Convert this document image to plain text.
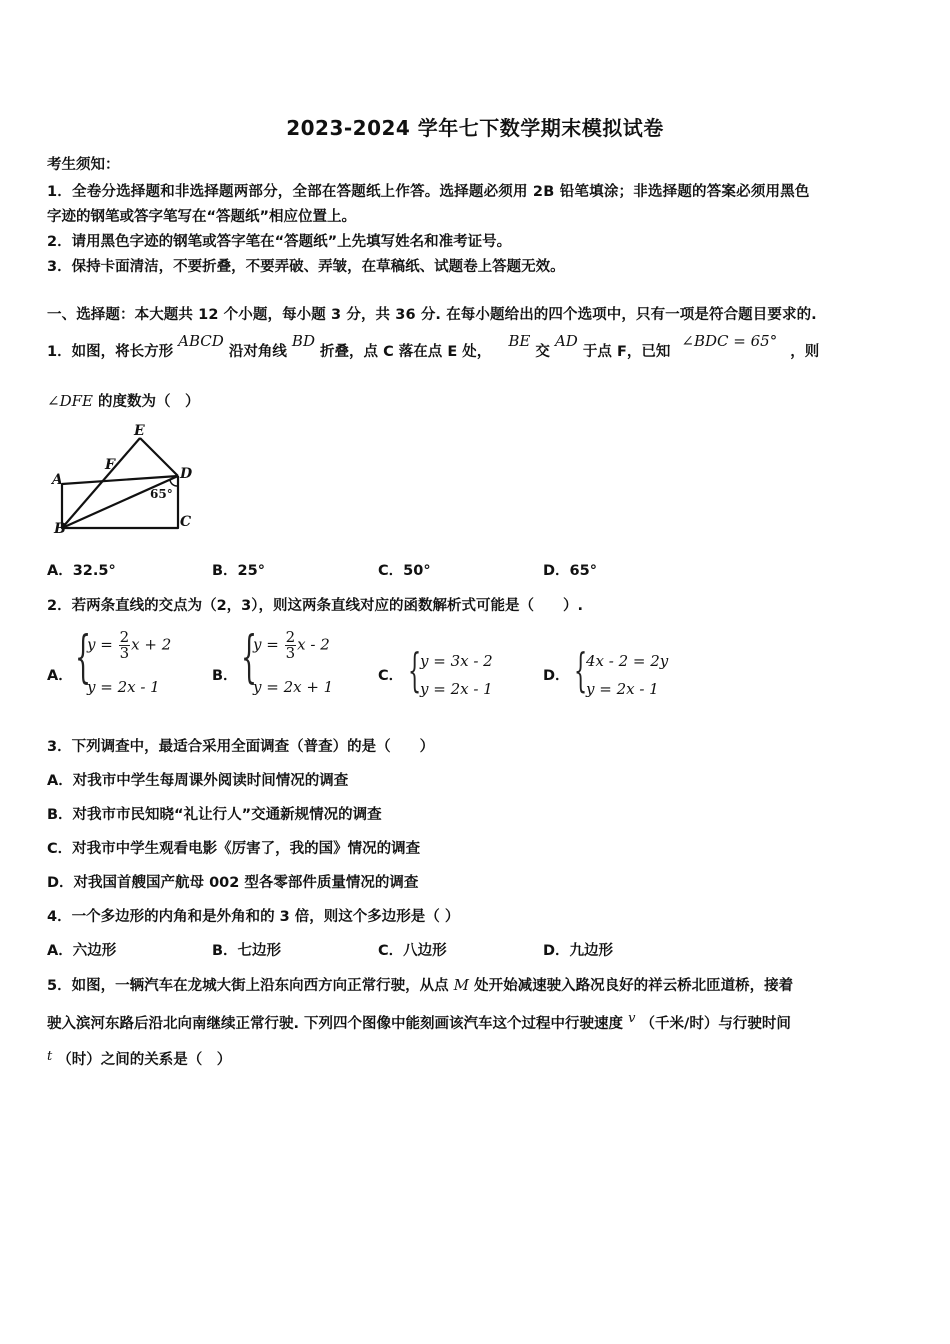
2023-2024 学年七下数学期末模拟试卷
考生须知：
1．全卷分选择题和非选择题两部分，全部在答题纸上作答。选择题必须用 2B 铅笔填涂；非选择题的答案必须用黑色
字迹的钢笔或答字笔写在“答题纸”相应位置上。
2．请用黑色字迹的钢笔或答字笔在“答题纸”上先填写姓名和准考证号。
3．保持卡面清洁，不要折叠，不要弄破、弄皱，在草稿纸、试题卷上答题无效。
一、选择题：本大题共 12 个小题，每小题 3 分，共 36 分. 在每小题给出的四个选项中，只有一项是符合题目要求的.
1．如图，将长方形 ABCD 沿对角线 BD 折叠，点 C 落在点 E 处， BE 交 AD 于点 F，已知 ∠BDC = 65° ，则
∠DFE 的度数为（　）
E
F
A	D
B	C
65°
A．32.5°	B．25°	C．50°	D．65°
2．若两条直线的交点为（2，3），则这两条直线对应的函数解析式可能是（　　）.
A． {
$y = \frac{2}{3}$ x + 2
y = 2x - 1
B． {
$y = \frac{2}{3}$ x - 2
y = 2x + 1
C． {
y = 3x - 2
y = 2x - 1
D． {
4x - 2 = 2y
y = 2x - 1
3．下列调查中，最适合采用全面调查（普查）的是（　　）
A．对我市中学生每周课外阅读时间情况的调查
B．对我市市民知晓“礼让行人”交通新规情况的调查
C．对我市中学生观看电影《厉害了，我的国》情况的调查
D．对我国首艘国产航母 002 型各零部件质量情况的调查
4．一个多边形的内角和是外角和的 3 倍，则这个多边形是（ ）
A．六边形	B．七边形	C．八边形	D．九边形
5．如图，一辆汽车在龙城大街上沿东向西方向正常行驶，从点 M 处开始减速驶入路况良好的祥云桥北匝道桥，接着
驶入滨河东路后沿北向南继续正常行驶. 下列四个图像中能刻画该汽车这个过程中行驶速度 v （千米/时）与行驶时间
t （时）之间的关系是（　）
